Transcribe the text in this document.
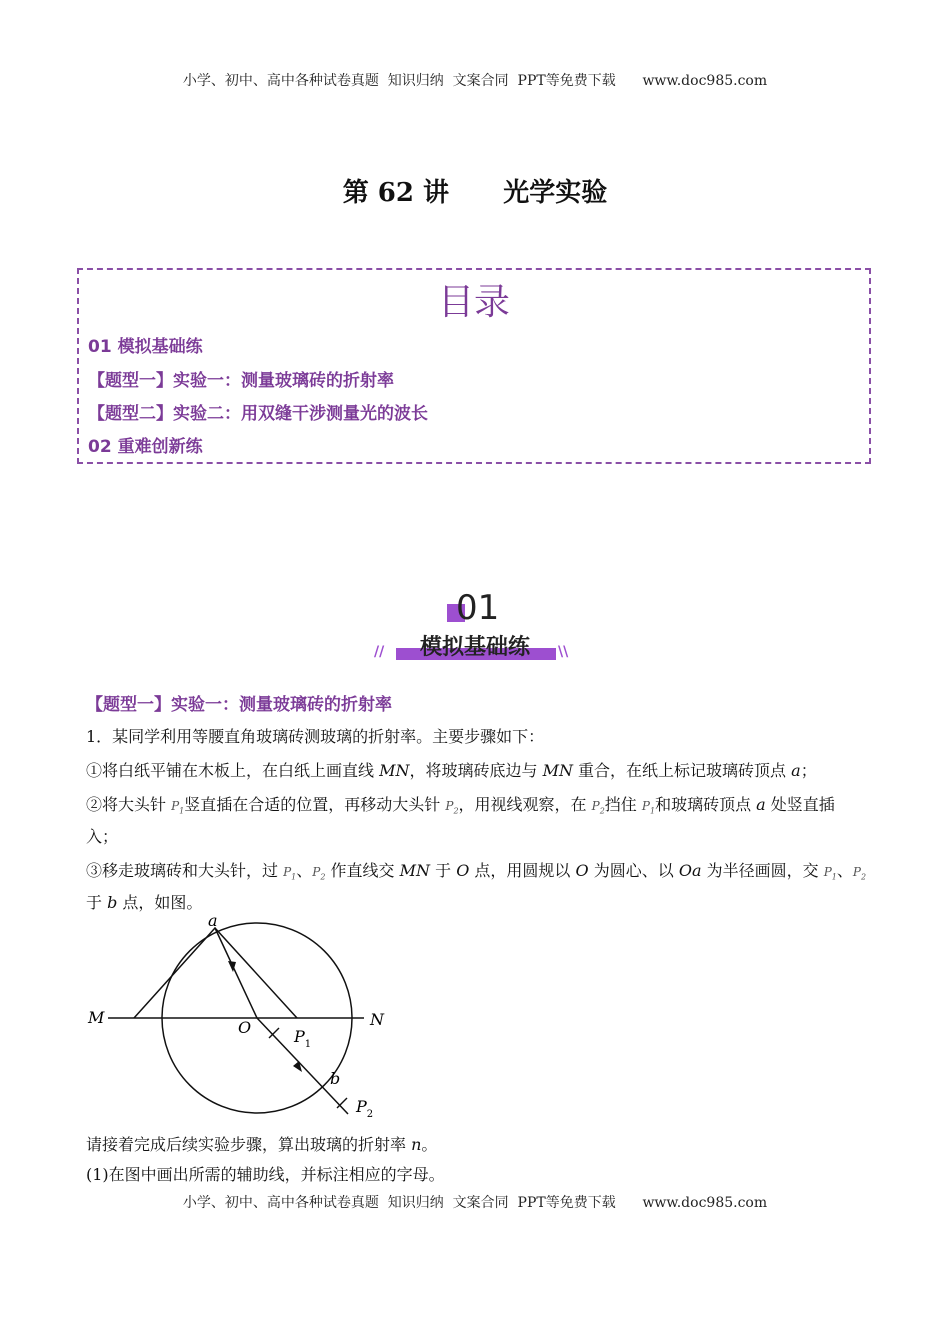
小学、初中、高中各种试卷真题  知识归纳  文案合同  PPT等免费下载      www.doc985.com
第 62 讲      光学实验
目录
01 模拟基础练
【题型一】实验一：测量玻璃砖的折射率
【题型二】实验二：用双缝干涉测量光的波长
02 重难创新练
01
模拟基础练
//	\\
【题型一】实验一：测量玻璃砖的折射率
1．某同学利用等腰直角玻璃砖测玻璃的折射率。主要步骤如下：
①将白纸平铺在木板上，在白纸上画直线 MN，将玻璃砖底边与 MN 重合，在纸上标记玻璃砖顶点 a；
②将大头针 $P_1$竖直插在合适的位置，再移动大头针 $P_2$，用视线观察，在 $P_2$挡住 $P_1$和玻璃砖顶点 a 处竖直插
入；
③移走玻璃砖和大头针，过 $P_1$、$P_2$ 作直线交 MN 于 O 点，用圆规以 O 为圆心、以 Oa 为半径画圆，交 $P_1$、$P_2$
于 b 点，如图。
a
M	N
O
b
$P_1$
$P_2$
请接着完成后续实验步骤，算出玻璃的折射率 n。
(1)在图中画出所需的辅助线，并标注相应的字母。
小学、初中、高中各种试卷真题  知识归纳  文案合同  PPT等免费下载      www.doc985.com
